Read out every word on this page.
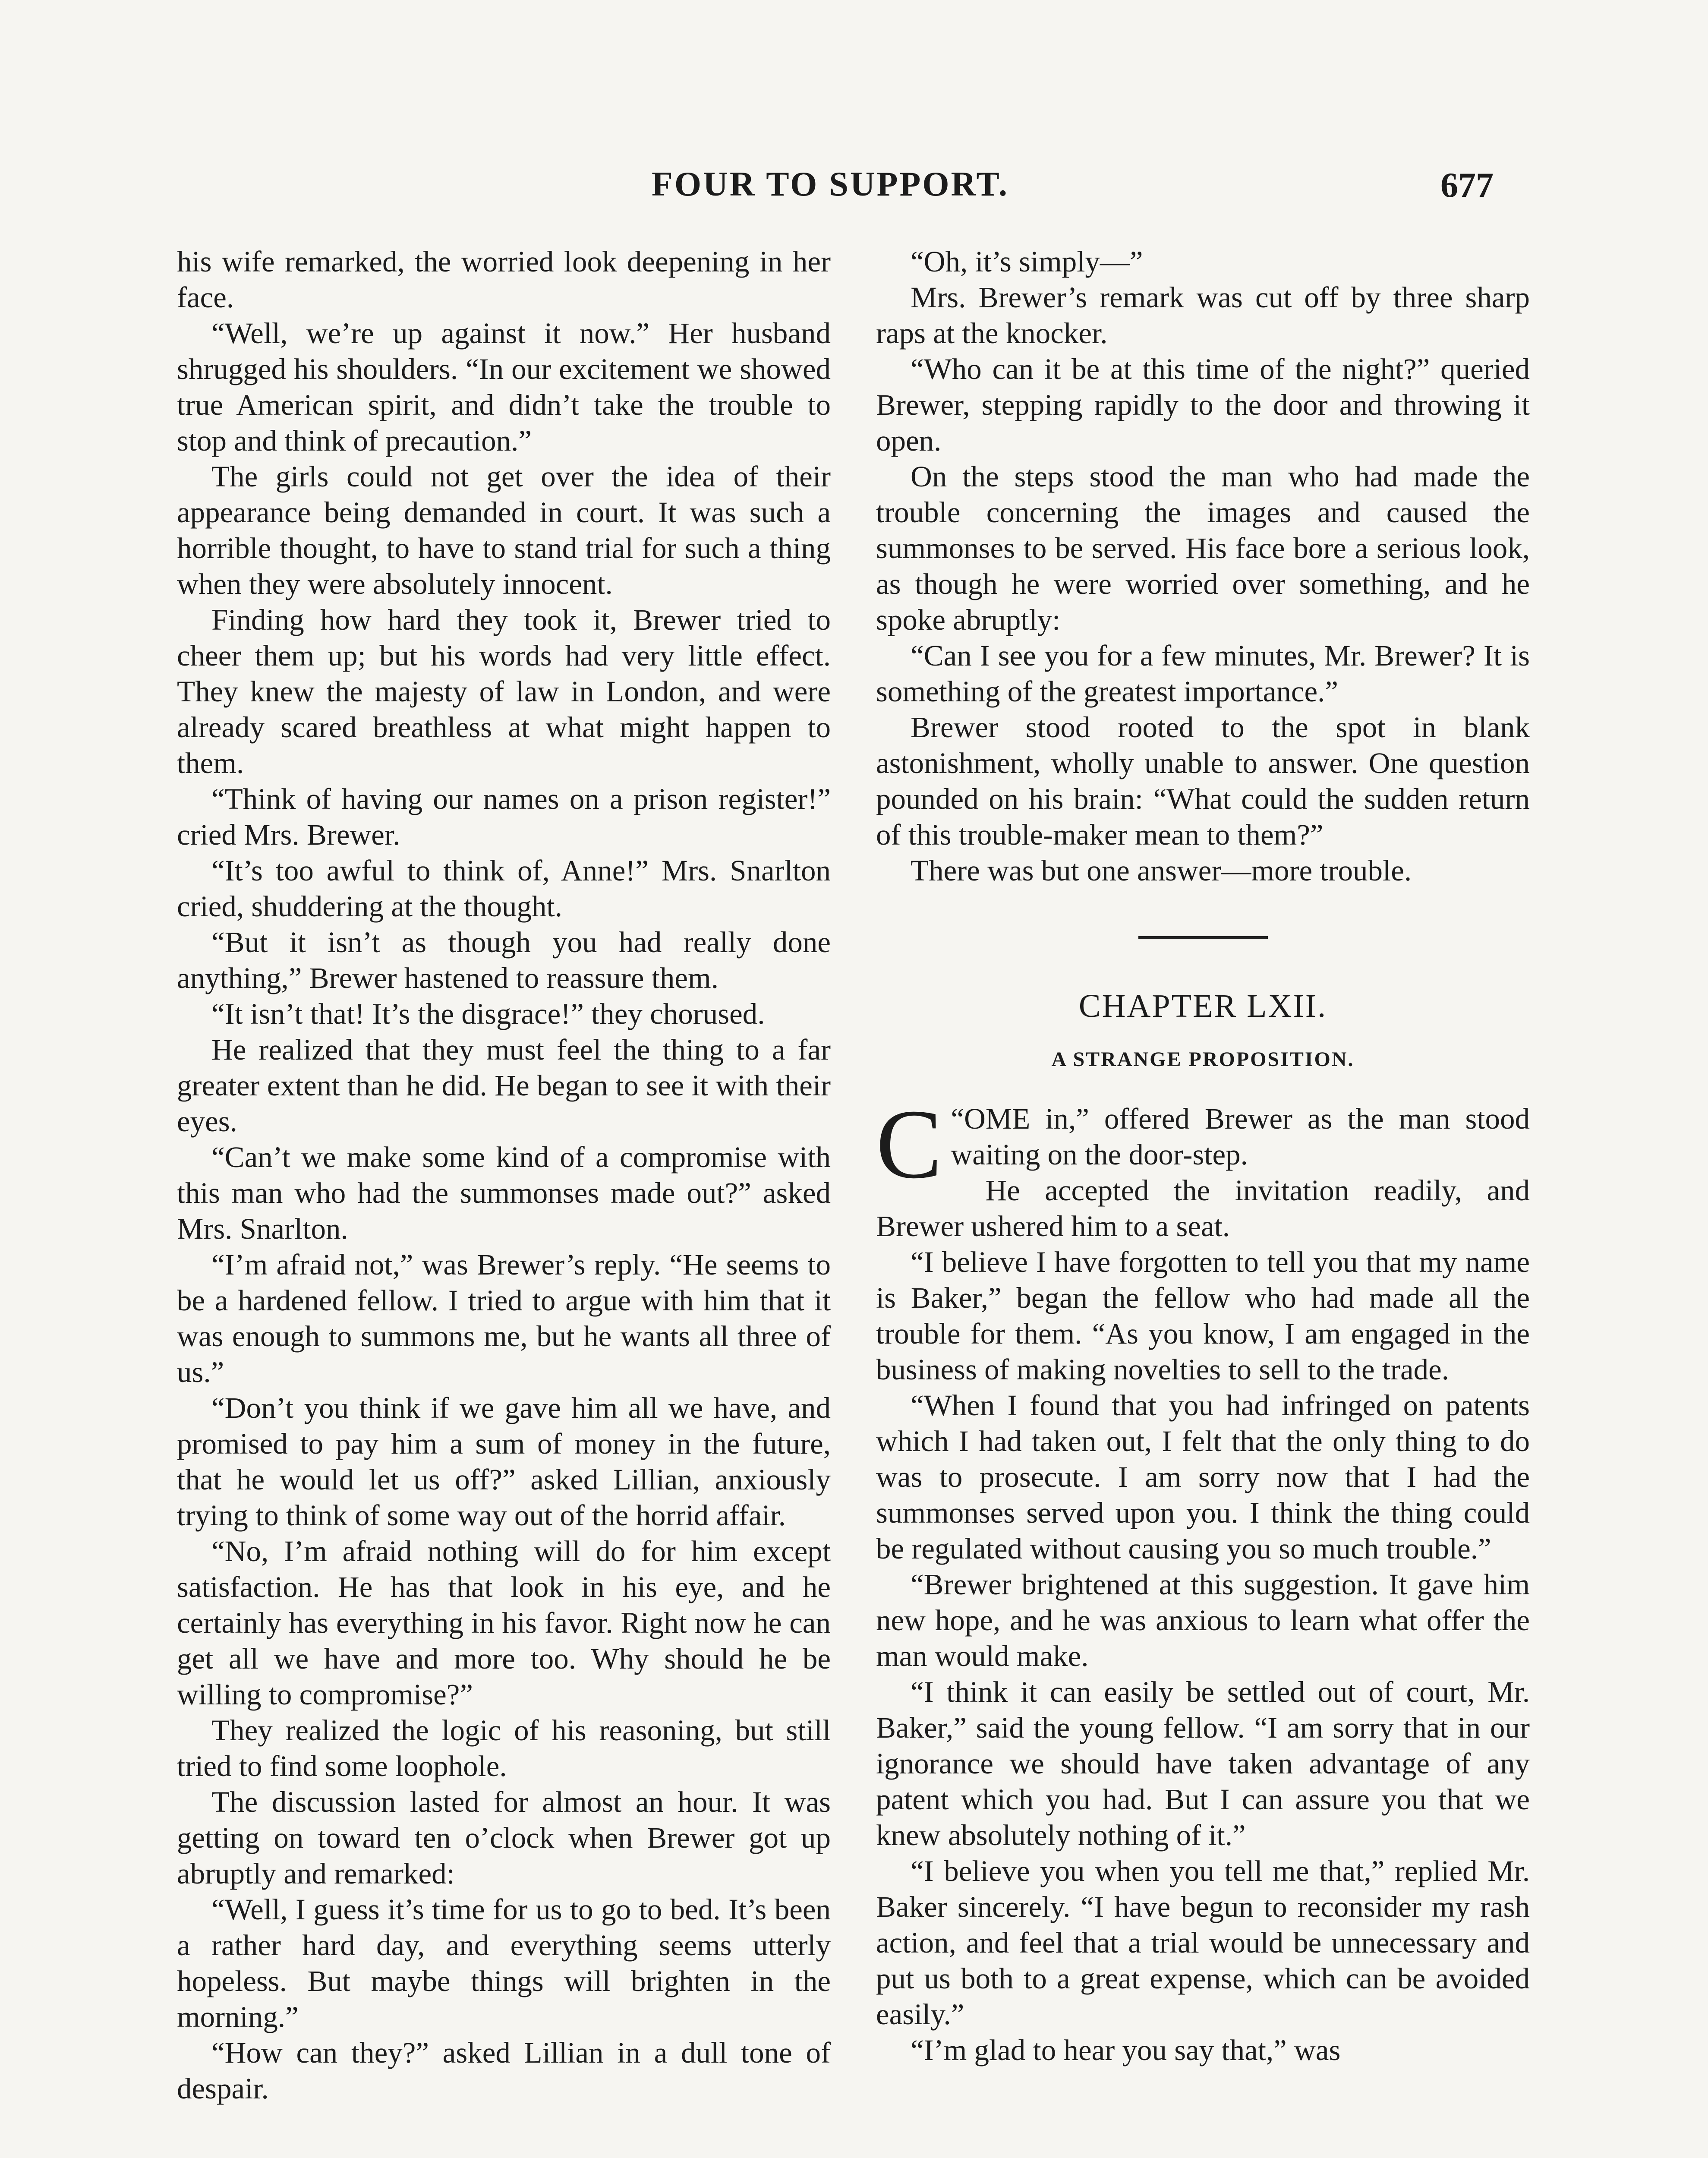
FOUR TO SUPPORT.	677

his wife remarked, the worried look deepening in her face.

“Well, we’re up against it now.” Her husband shrugged his shoulders. “In our excitement we showed true American spirit, and didn’t take the trouble to stop and think of precaution.”

The girls could not get over the idea of their appearance being demanded in court. It was such a horrible thought, to have to stand trial for such a thing when they were absolutely innocent.

Finding how hard they took it, Brewer tried to cheer them up; but his words had very little effect. They knew the majesty of law in London, and were already scared breathless at what might happen to them.

“Think of having our names on a prison register!” cried Mrs. Brewer.

“It’s too awful to think of, Anne!” Mrs. Snarlton cried, shuddering at the thought.

“But it isn’t as though you had really done anything,” Brewer hastened to reassure them.

“It isn’t that! It’s the disgrace!” they chorused.

He realized that they must feel the thing to a far greater extent than he did. He began to see it with their eyes.

“Can’t we make some kind of a compromise with this man who had the summonses made out?” asked Mrs. Snarlton.

“I’m afraid not,” was Brewer’s reply. “He seems to be a hardened fellow. I tried to argue with him that it was enough to summons me, but he wants all three of us.”

“Don’t you think if we gave him all we have, and promised to pay him a sum of money in the future, that he would let us off?” asked Lillian, anxiously trying to think of some way out of the horrid affair.

“No, I’m afraid nothing will do for him except satisfaction. He has that look in his eye, and he certainly has everything in his favor. Right now he can get all we have and more too. Why should he be willing to compromise?”

They realized the logic of his reasoning, but still tried to find some loophole.

The discussion lasted for almost an hour. It was getting on toward ten o’clock when Brewer got up abruptly and remarked:

“Well, I guess it’s time for us to go to bed. It’s been a rather hard day, and everything seems utterly hopeless. But maybe things will brighten in the morning.”

“How can they?” asked Lillian in a dull tone of despair.

“Oh, it’s simply—”

Mrs. Brewer’s remark was cut off by three sharp raps at the knocker.

“Who can it be at this time of the night?” queried Brewer, stepping rapidly to the door and throwing it open.

On the steps stood the man who had made the trouble concerning the images and caused the summonses to be served. His face bore a serious look, as though he were worried over something, and he spoke abruptly:

“Can I see you for a few minutes, Mr. Brewer? It is something of the greatest importance.”

Brewer stood rooted to the spot in blank astonishment, wholly unable to answer. One question pounded on his brain: “What could the sudden return of this trouble-maker mean to them?”

There was but one answer—more trouble.

CHAPTER LXII.
A STRANGE PROPOSITION.

“
C OME in,” offered Brewer as the man stood waiting on the door-step.

He accepted the invitation readily, and Brewer ushered him to a seat.

“I believe I have forgotten to tell you that my name is Baker,” began the fellow who had made all the trouble for them. “As you know, I am engaged in the business of making novelties to sell to the trade.

“When I found that you had infringed on patents which I had taken out, I felt that the only thing to do was to prosecute. I am sorry now that I had the summonses served upon you. I think the thing could be regulated without causing you so much trouble.”

“Brewer brightened at this suggestion. It gave him new hope, and he was anxious to learn what offer the man would make.

“I think it can easily be settled out of court, Mr. Baker,” said the young fellow. “I am sorry that in our ignorance we should have taken advantage of any patent which you had. But I can assure you that we knew absolutely nothing of it.”

“I believe you when you tell me that,” replied Mr. Baker sincerely. “I have begun to reconsider my rash action, and feel that a trial would be unnecessary and put us both to a great expense, which can be avoided easily.”

“I’m glad to hear you say that,” was
